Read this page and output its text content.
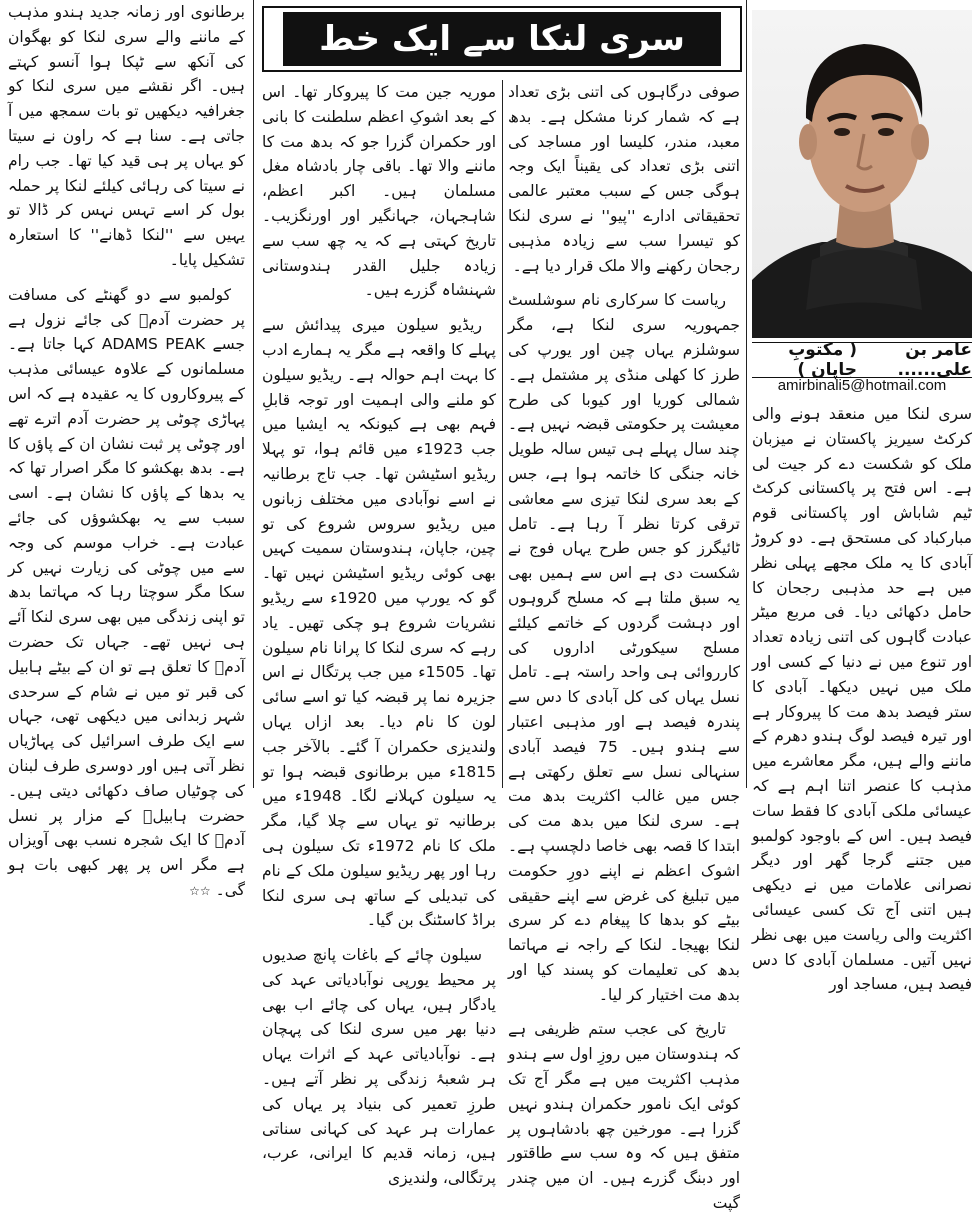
برطانوی اور زمانہ جدید ہندو مذہب کے ماننے والے سری لنکا کو بھگوان کی آنکھ سے ٹپکا ہوا آنسو کہتے ہیں۔ اگر نقشے میں سری لنکا کو جغرافیہ دیکھیں تو بات سمجھ میں آ جاتی ہے۔ سنا ہے کہ راون نے سیتا کو یہاں پر ہی قید کیا تھا۔ جب رام نے سیتا کی رہائی کیلئے لنکا پر حملہ بول کر اسے تہس نہس کر ڈالا تو یہیں سے ''لنکا ڈھانے'' کا استعارہ تشکیل پایا۔

کولمبو سے دو گھنٹے کی مسافت پر حضرت آدمؑ کی جائے نزول ہے جسے ADAMS PEAK کہا جاتا ہے۔ مسلمانوں کے علاوہ عیسائی مذہب کے پیروکاروں کا یہ عقیدہ ہے کہ اس پہاڑی چوٹی پر حضرت آدم اترے تھے اور چوٹی پر ثبت نشان ان کے پاؤں کا ہے۔ بدھ بھکشو کا مگر اصرار تھا کہ یہ بدھا کے پاؤں کا نشان ہے۔ اسی سبب سے یہ بھکشوؤں کی جائے عبادت ہے۔ خراب موسم کی وجہ سے میں چوٹی کی زیارت نہیں کر سکا مگر سوچتا رہا کہ مہاتما بدھ تو اپنی زندگی میں بھی سری لنکا آئے ہی نہیں تھے۔ جہاں تک حضرت آدمؑ کا تعلق ہے تو ان کے بیٹے ہابیل کی قبر تو میں نے شام کے سرحدی شہر زبدانی میں دیکھی تھی، جہاں سے ایک طرف اسرائیل کی پہاڑیاں نظر آتی ہیں اور دوسری طرف لبنان کی چوٹیاں صاف دکھائی دیتی ہیں۔ حضرت ہابیلؑ کے مزار پر نسل آدمؑ کا ایک شجرہ نسب بھی آویزاں ہے مگر اس پر پھر کبھی بات ہو گی۔ ☆☆

سری لنکا سے ایک خط

موریہ جین مت کا پیروکار تھا۔ اس کے بعد اشوکِ اعظم سلطنت کا بانی اور حکمران گزرا جو کہ بدھ مت کا ماننے والا تھا۔ باقی چار بادشاہ مغل مسلمان ہیں۔ اکبر اعظم، شاہجہان، جہانگیر اور اورنگزیب۔ تاریخ کہتی ہے کہ یہ چھ سب سے زیادہ جلیل القدر ہندوستانی شہنشاہ گزرے ہیں۔

ریڈیو سیلون میری پیدائش سے پہلے کا واقعہ ہے مگر یہ ہمارے ادب کا بہت اہم حوالہ ہے۔ ریڈیو سیلون کو ملنے والی اہمیت اور توجہ قابلِ فہم بھی ہے کیونکہ یہ ایشیا میں جب 1923ء میں قائم ہوا، تو پہلا ریڈیو اسٹیشن تھا۔ جب تاج برطانیہ نے اسے نوآبادی میں مختلف زبانوں میں ریڈیو سروس شروع کی تو چین، جاپان، ہندوستان سمیت کہیں بھی کوئی ریڈیو اسٹیشن نہیں تھا۔ گو کہ یورپ میں 1920ء سے ریڈیو نشریات شروع ہو چکی تھیں۔ یاد رہے کہ سری لنکا کا پرانا نام سیلون تھا۔ 1505ء میں جب پرتگال نے اس جزیرہ نما پر قبضہ کیا تو اسے سائی لون کا نام دیا۔ بعد ازاں یہاں ولندیزی حکمران آ گئے۔ بالآخر جب 1815ء میں برطانوی قبضہ ہوا تو یہ سیلون کہلانے لگا۔ 1948ء میں برطانیہ تو یہاں سے چلا گیا، مگر ملک کا نام 1972ء تک سیلون ہی رہا اور پھر ریڈیو سیلون ملک کے نام کی تبدیلی کے ساتھ ہی سری لنکا براڈ کاسٹنگ بن گیا۔

سیلون چائے کے باغات پانچ صدیوں پر محیط یورپی نوآبادیاتی عہد کی یادگار ہیں، یہاں کی چائے اب بھی دنیا بھر میں سری لنکا کی پہچان ہے۔ نوآبادیاتی عہد کے اثرات یہاں ہر شعبۂ زندگی پر نظر آتے ہیں۔ طرزِ تعمیر کی بنیاد پر یہاں کی عمارات ہر عہد کی کہانی سناتی ہیں، زمانہ قدیم کا ایرانی، عرب، پرتگالی، ولندیزی

صوفی درگاہوں کی اتنی بڑی تعداد ہے کہ شمار کرنا مشکل ہے۔ بدھ معبد، مندر، کلیسا اور مساجد کی اتنی بڑی تعداد کی یقیناً ایک وجہ ہوگی جس کے سبب معتبر عالمی تحقیقاتی ادارے ''پیو'' نے سری لنکا کو تیسرا سب سے زیادہ مذہبی رجحان رکھنے والا ملک قرار دیا ہے۔

ریاست کا سرکاری نام سوشلسٹ جمہوریہ سری لنکا ہے، مگر سوشلزم یہاں چین اور یورپ کی طرز کا کھلی منڈی پر مشتمل ہے۔ شمالی کوریا اور کیوبا کی طرح معیشت پر حکومتی قبضہ نہیں ہے۔ چند سال پہلے ہی تیس سالہ طویل خانہ جنگی کا خاتمہ ہوا ہے، جس کے بعد سری لنکا تیزی سے معاشی ترقی کرتا نظر آ رہا ہے۔ تامل ٹائیگرز کو جس طرح یہاں فوج نے شکست دی ہے اس سے ہمیں بھی یہ سبق ملتا ہے کہ مسلح گروہوں اور دہشت گردوں کے خاتمے کیلئے مسلح سیکورٹی اداروں کی کارروائی ہی واحد راستہ ہے۔ تامل نسل یہاں کی کل آبادی کا دس سے پندرہ فیصد ہے اور مذہبی اعتبار سے ہندو ہیں۔ 75 فیصد آبادی سنہالی نسل سے تعلق رکھتی ہے جس میں غالب اکثریت بدھ مت ہے۔ سری لنکا میں بدھ مت کی ابتدا کا قصہ بھی خاصا دلچسپ ہے۔ اشوک اعظم نے اپنے دورِ حکومت میں تبلیغ کی غرض سے اپنے حقیقی بیٹے کو بدھا کا پیغام دے کر سری لنکا بھیجا۔ لنکا کے راجہ نے مہاتما بدھ کی تعلیمات کو پسند کیا اور بدھ مت اختیار کر لیا۔

تاریخ کی عجب ستم ظریفی ہے کہ ہندوستان میں روزِ اول سے ہندو مذہب اکثریت میں ہے مگر آج تک کوئی ایک نامور حکمران ہندو نہیں گزرا ہے۔ مورخین چھ بادشاہوں پر متفق ہیں کہ وہ سب سے طاقتور اور دبنگ گزرے ہیں۔ ان میں چندر گپت

عامر بن علی......
( مکتوبِ جاپان )
amirbinali5@hotmail.com

سری لنکا میں منعقد ہونے والی کرکٹ سیریز پاکستان نے میزبان ملک کو شکست دے کر جیت لی ہے۔ اس فتح پر پاکستانی کرکٹ ٹیم شاباش اور پاکستانی قوم مبارکباد کی مستحق ہے۔ دو کروڑ آبادی کا یہ ملک مجھے پہلی نظر میں ہے حد مذہبی رجحان کا حامل دکھائی دیا۔ فی مربع میٹر عبادت گاہوں کی اتنی زیادہ تعداد اور تنوع میں نے دنیا کے کسی اور ملک میں نہیں دیکھا۔ آبادی کا ستر فیصد بدھ مت کا پیروکار ہے اور تیرہ فیصد لوگ ہندو دھرم کے ماننے والے ہیں، مگر معاشرے میں مذہب کا عنصر اتنا اہم ہے کہ عیسائی ملکی آبادی کا فقط سات فیصد ہیں۔ اس کے باوجود کولمبو میں جتنے گرجا گھر اور دیگر نصرانی علامات میں نے دیکھی ہیں اتنی آج تک کسی عیسائی اکثریت والی ریاست میں بھی نظر نہیں آتیں۔ مسلمان آبادی کا دس فیصد ہیں، مساجد اور
